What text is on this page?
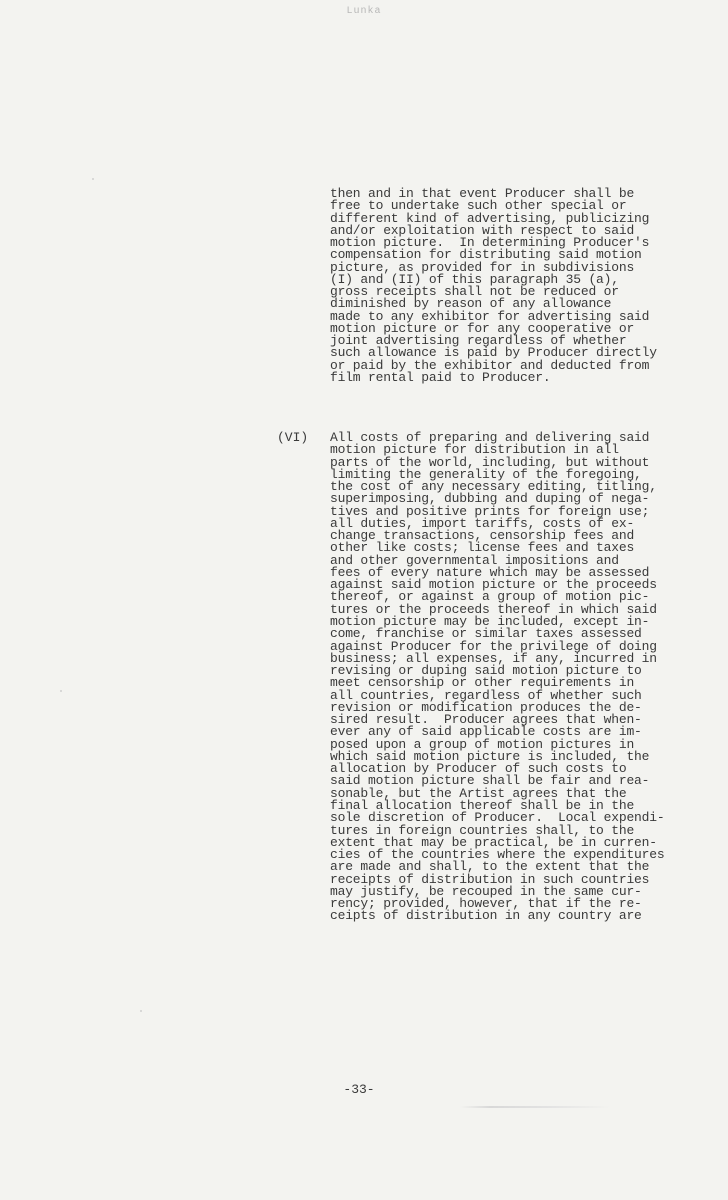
Lunka
then and in that event Producer shall be
free to undertake such other special or
different kind of advertising, publicizing
and/or exploitation with respect to said
motion picture.  In determining Producer's
compensation for distributing said motion
picture, as provided for in subdivisions
(I) and (II) of this paragraph 35 (a),
gross receipts shall not be reduced or
diminished by reason of any allowance
made to any exhibitor for advertising said
motion picture or for any cooperative or
joint advertising regardless of whether
such allowance is paid by Producer directly
or paid by the exhibitor and deducted from
film rental paid to Producer.
(VI) All costs of preparing and delivering said
motion picture for distribution in all
parts of the world, including, but without
limiting the generality of the foregoing,
the cost of any necessary editing, titling,
superimposing, dubbing and duping of nega-
tives and positive prints for foreign use;
all duties, import tariffs, costs of ex-
change transactions, censorship fees and
other like costs; license fees and taxes
and other governmental impositions and
fees of every nature which may be assessed
against said motion picture or the proceeds
thereof, or against a group of motion pic-
tures or the proceeds thereof in which said
motion picture may be included, except in-
come, franchise or similar taxes assessed
against Producer for the privilege of doing
business; all expenses, if any, incurred in
revising or duping said motion picture to
meet censorship or other requirements in
all countries, regardless of whether such
revision or modification produces the de-
sired result.  Producer agrees that when-
ever any of said applicable costs are im-
posed upon a group of motion pictures in
which said motion picture is included, the
allocation by Producer of such costs to
said motion picture shall be fair and rea-
sonable, but the Artist agrees that the
final allocation thereof shall be in the
sole discretion of Producer.  Local expendi-
tures in foreign countries shall, to the
extent that may be practical, be in curren-
cies of the countries where the expenditures
are made and shall, to the extent that the
receipts of distribution in such countries
may justify, be recouped in the same cur-
rency; provided, however, that if the re-
ceipts of distribution in any country are
-33-
